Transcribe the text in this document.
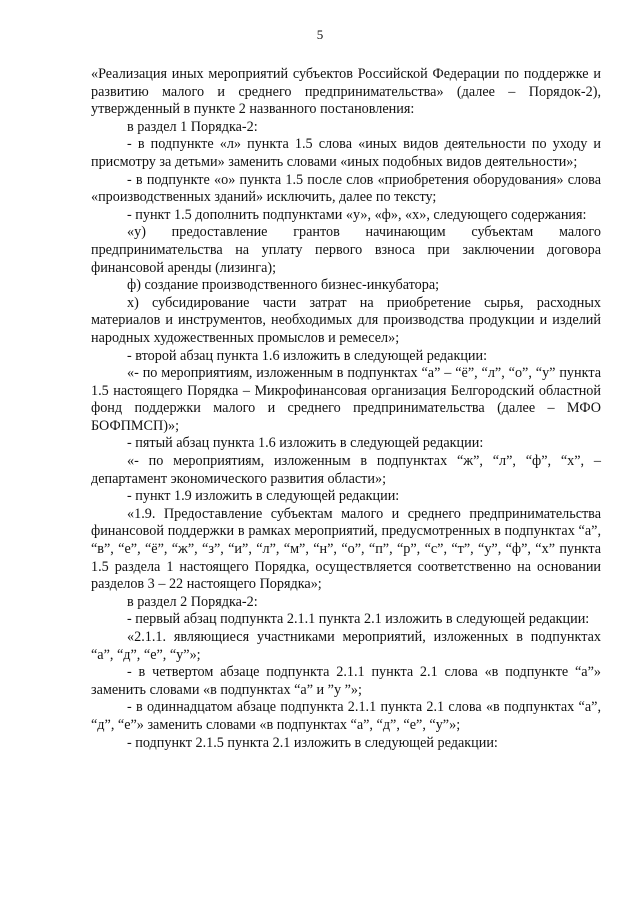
5

«Реализация иных мероприятий субъектов Российской Федерации по поддержке и развитию малого и среднего предпринимательства» (далее – Порядок-2), утвержденный в пункте 2 названного постановления:

в раздел 1 Порядка-2:

- в подпункте «л» пункта 1.5 слова «иных видов деятельности по уходу и присмотру за детьми» заменить словами «иных подобных видов деятельности»;

- в подпункте «о» пункта 1.5 после слов «приобретения оборудования» слова «производственных зданий» исключить, далее по тексту;

- пункт 1.5 дополнить подпунктами «у», «ф», «х», следующего содержания:

«у) предоставление грантов начинающим субъектам малого предпринимательства на уплату первого взноса при заключении договора финансовой аренды (лизинга);

ф) создание производственного бизнес-инкубатора;

х) субсидирование части затрат на приобретение сырья, расходных материалов и инструментов, необходимых для производства продукции и изделий народных художественных промыслов и ремесел»;

- второй абзац пункта 1.6 изложить в следующей редакции:

«- по мероприятиям, изложенным в подпунктах “а” – “ё”, “л”, “о”, “у” пункта 1.5 настоящего Порядка – Микрофинансовая организация Белгородский областной фонд поддержки малого и среднего предпринимательства (далее – МФО БОФПМСП)»;

- пятый абзац пункта 1.6 изложить в следующей редакции:

«- по мероприятиям, изложенным в подпунктах “ж”, “л”, “ф”, “х”, – департамент экономического развития области»;

- пункт 1.9 изложить в следующей редакции:

«1.9. Предоставление субъектам малого и среднего предпринимательства финансовой поддержки в рамках мероприятий, предусмотренных в подпунктах “а”, “в”, “е”, “ё”, “ж”, “з”, “и”, “л”, “м”, “н”, “о”, “п”, “р”, “с”, “т”, “у”, “ф”, “х” пункта 1.5 раздела 1 настоящего Порядка, осуществляется соответственно на основании разделов 3 – 22 настоящего Порядка»;

в раздел 2 Порядка-2:

- первый абзац подпункта 2.1.1 пункта 2.1 изложить в следующей редакции:

«2.1.1. являющиеся участниками мероприятий, изложенных в подпунктах “а”, “д”, “е”, “у”»;

- в четвертом абзаце подпункта 2.1.1 пункта 2.1 слова «в подпункте “а”» заменить словами «в подпунктах “а” и ”у ”»;

- в одиннадцатом абзаце подпункта 2.1.1 пункта 2.1 слова «в подпунктах “а”, “д”, “е”» заменить словами «в подпунктах “а”, “д”, “е”, “у”»;

- подпункт 2.1.5 пункта 2.1 изложить в следующей редакции:
